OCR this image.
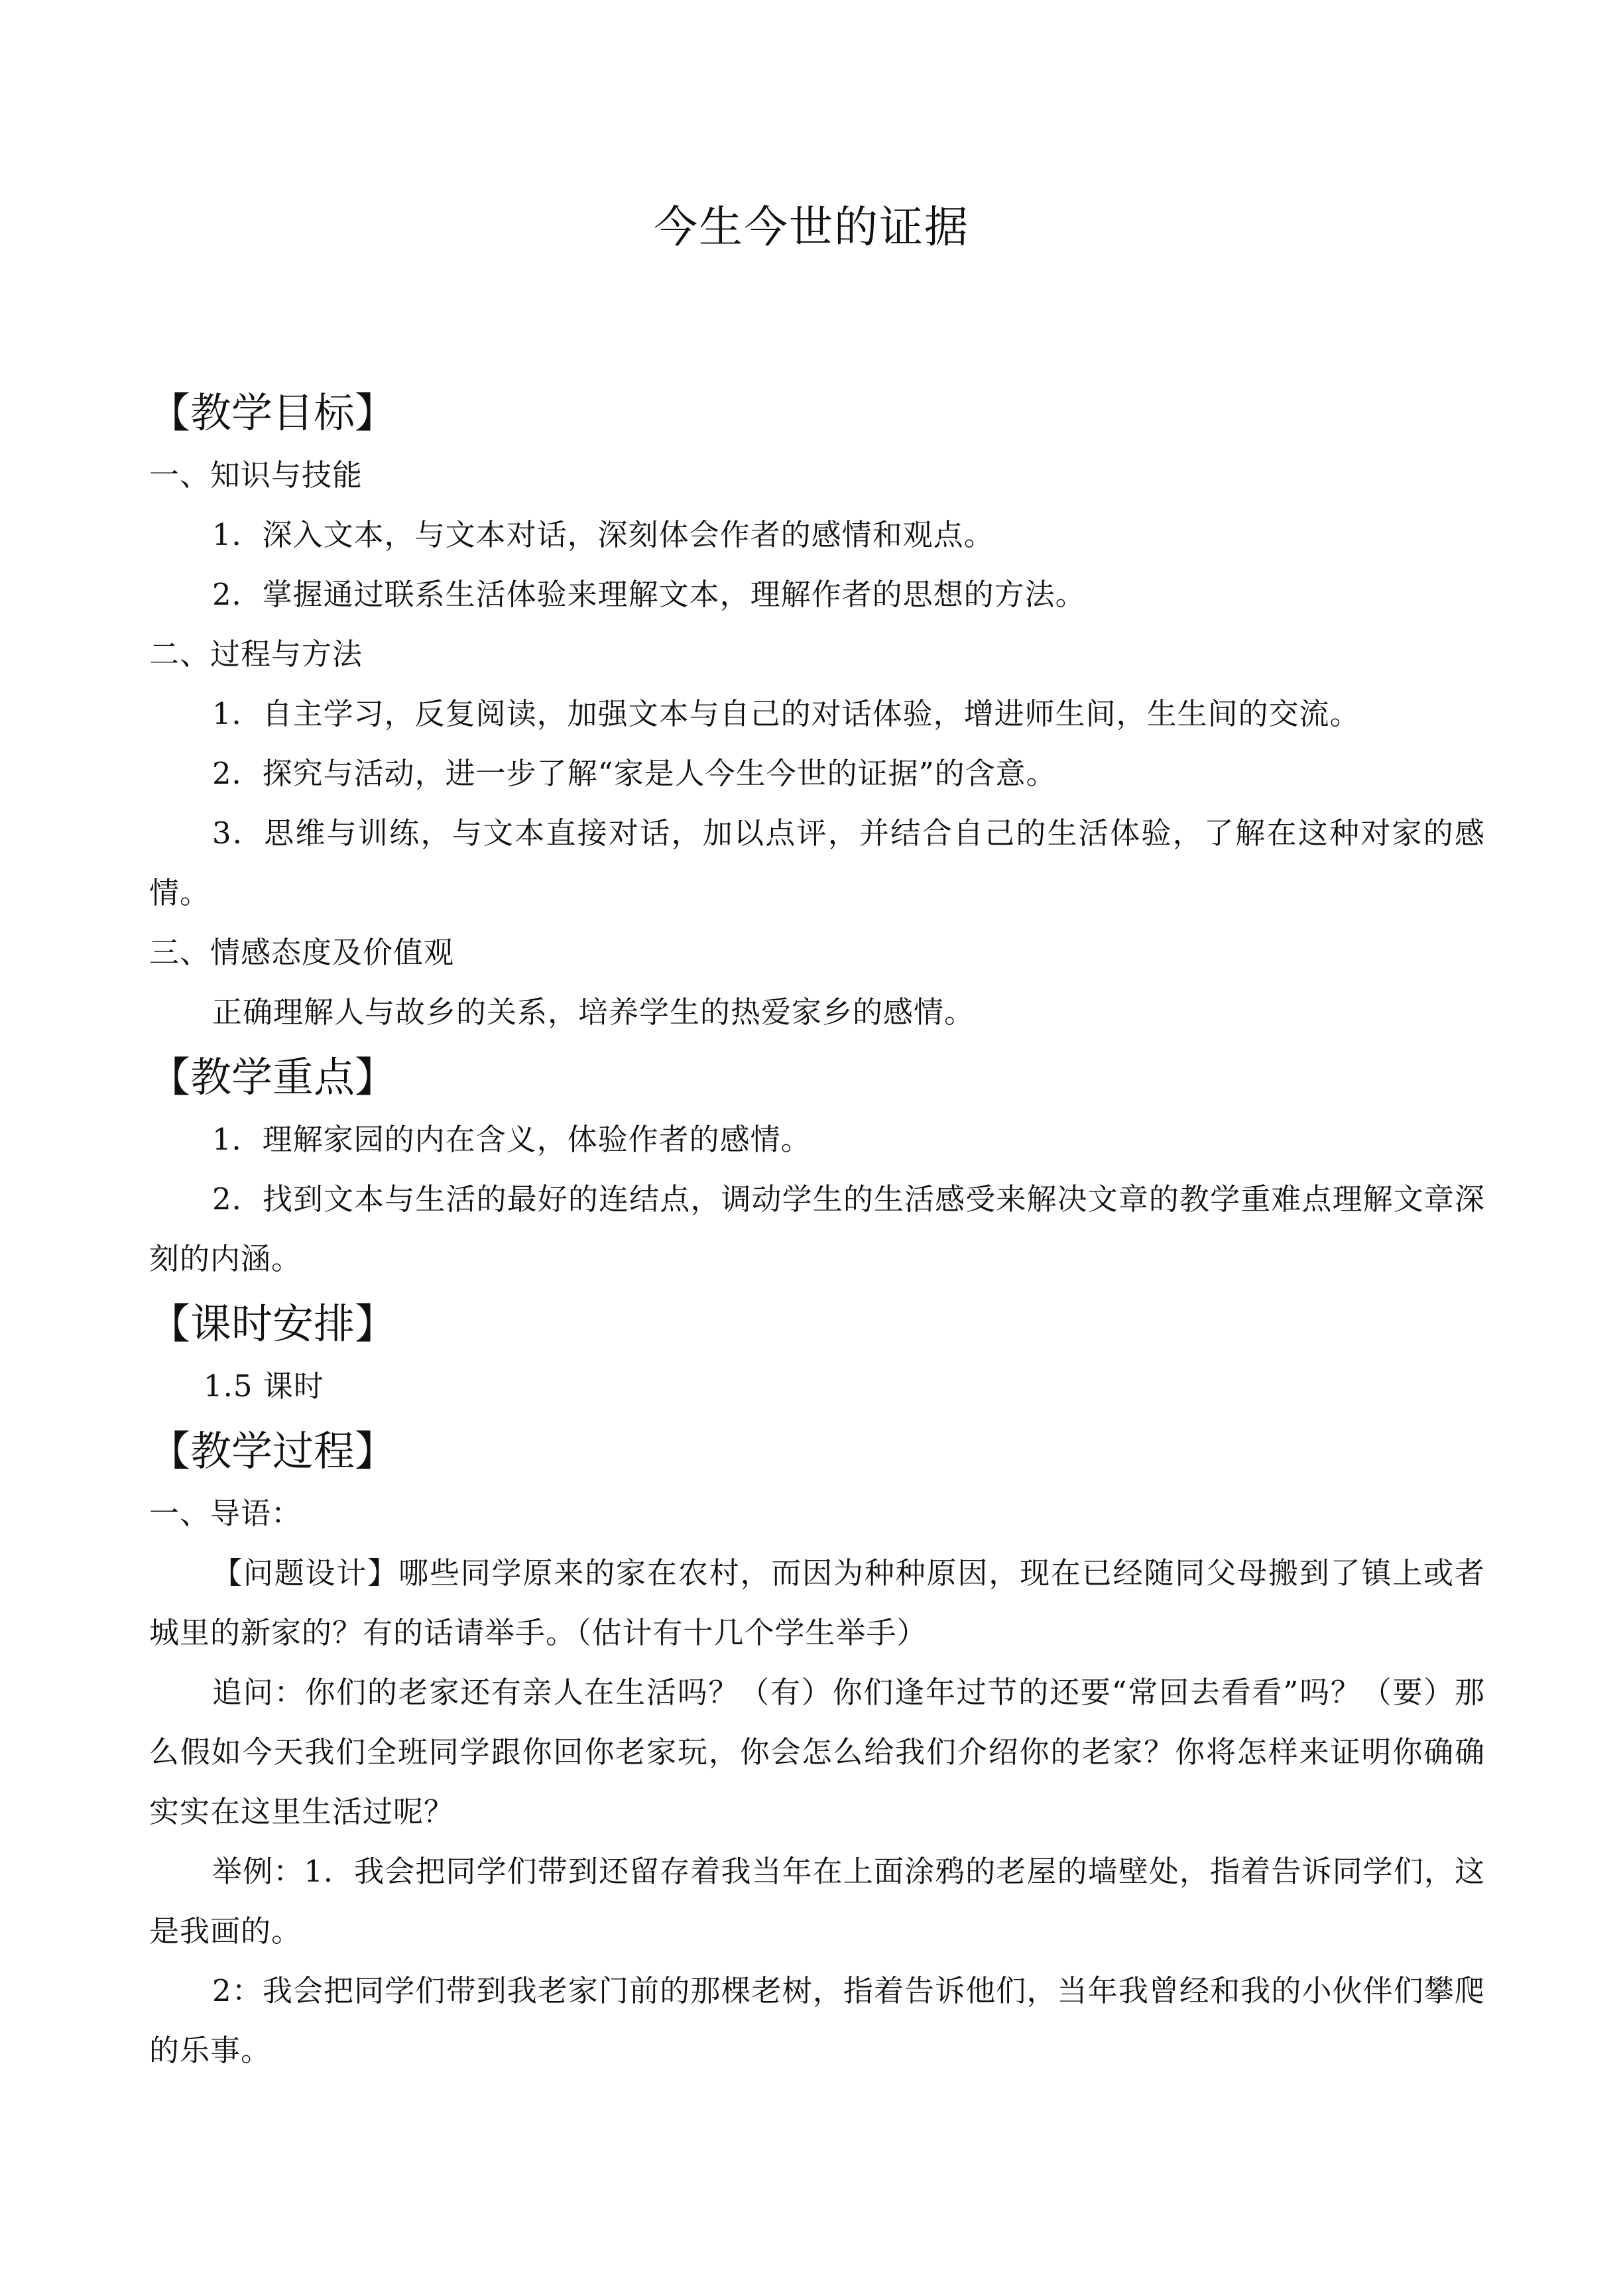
今生今世的证据
【教学目标】

一、知识与技能

1．深入文本，与文本对话，深刻体会作者的感情和观点。

2．掌握通过联系生活体验来理解文本，理解作者的思想的方法。

二、过程与方法

1．自主学习，反复阅读，加强文本与自己的对话体验，增进师生间，生生间的交流。

2．探究与活动，进一步了解“家是人今生今世的证据”的含意。

3．思维与训练，与文本直接对话，加以点评，并结合自己的生活体验，了解在这种对家的感情。

三、情感态度及价值观

正确理解人与故乡的关系，培养学生的热爱家乡的感情。

【教学重点】

1．理解家园的内在含义，体验作者的感情。

2．找到文本与生活的最好的连结点，调动学生的生活感受来解决文章的教学重难点理解文章深刻的内涵。

【课时安排】

1.5 课时

【教学过程】

一、导语：

【问题设计】哪些同学原来的家在农村，而因为种种原因，现在已经随同父母搬到了镇上或者城里的新家的？有的话请举手。（估计有十几个学生举手）

追问：你们的老家还有亲人在生活吗？（有）你们逢年过节的还要“常回去看看”吗？（要）那么假如今天我们全班同学跟你回你老家玩，你会怎么给我们介绍你的老家？你将怎样来证明你确确实实在这里生活过呢？

举例：1．我会把同学们带到还留存着我当年在上面涂鸦的老屋的墙壁处，指着告诉同学们，这是我画的。

2：我会把同学们带到我老家门前的那棵老树，指着告诉他们，当年我曾经和我的小伙伴们攀爬的乐事。
